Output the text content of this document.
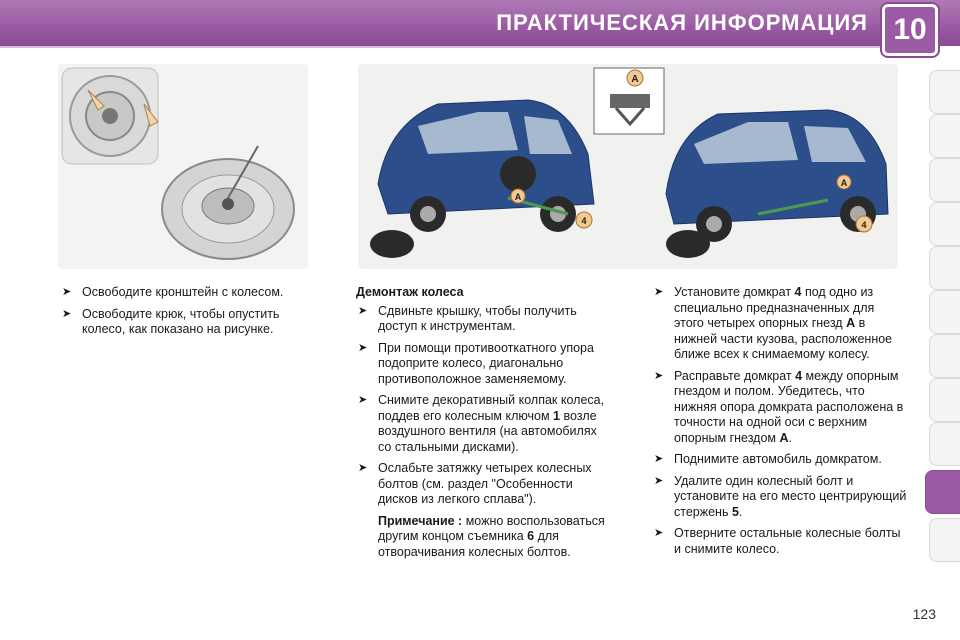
ПРАКТИЧЕСКАЯ ИНФОРМАЦИЯ 10
A
A
4
A
4
➤ Освободите кронштейн с колесом.
➤ Освободите крюк, чтобы опустить колесо, как показано на рисунке.
Демонтаж колеса
➤ Сдвиньте крышку, чтобы получить доступ к инструментам.
➤ При помощи противооткатного упора подоприте колесо, диагонально противоположное заменяемому.
➤ Снимите декоративный колпак колеса, поддев его колесным ключом 1 возле воздушного вентиля (на автомобилях со стальными дисками).
➤ Ослабьте затяжку четырех колесных болтов (см. раздел "Особенности дисков из легкого сплава").
Примечание : можно воспользоваться другим концом съемника 6 для отворачивания колесных болтов.
➤ Установите домкрат 4 под одно из специально предназначенных для этого четырех опорных гнезд A в нижней части кузова, расположенное ближе всех к снимаемому колесу.
➤ Расправьте домкрат 4 между опорным гнездом и полом. Убедитесь, что нижняя опора домкрата расположена в точности на одной оси с верхним опорным гнездом A.
➤ Поднимите автомобиль домкратом.
➤ Удалите один колесный болт и установите на его место центрирующий стержень 5.
➤ Отверните остальные колесные болты и снимите колесо.
123
